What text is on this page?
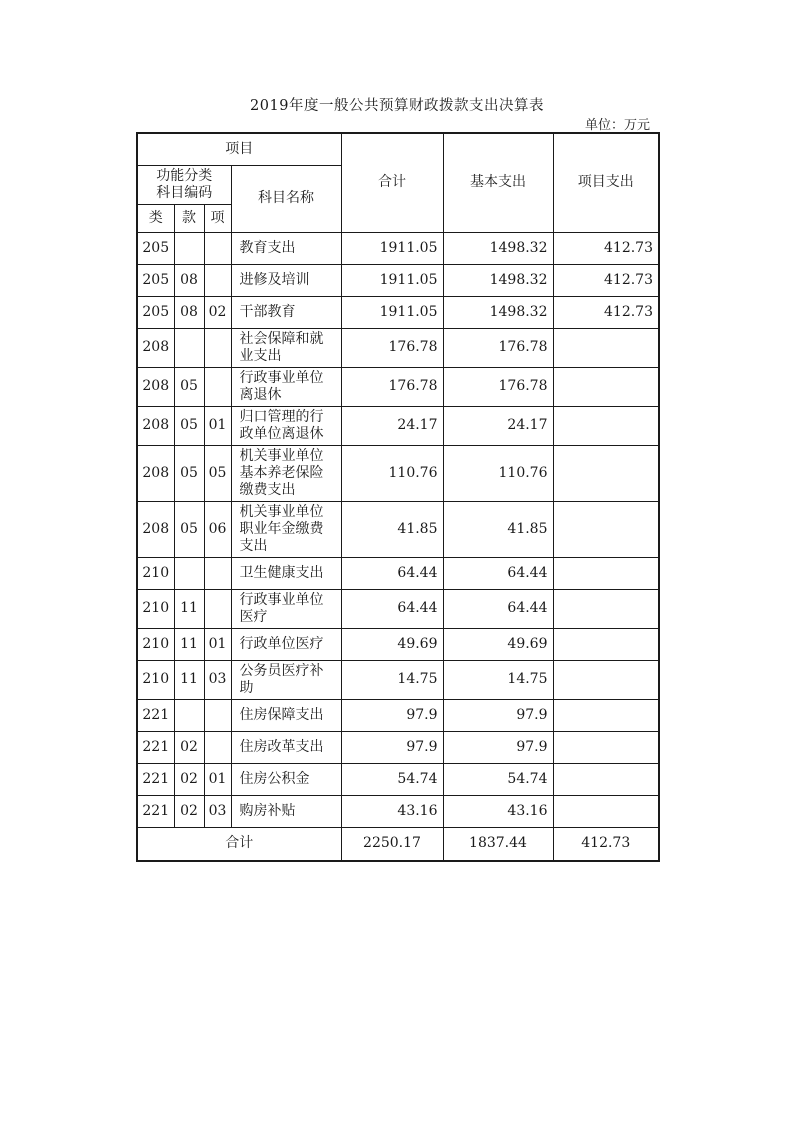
2019年度一般公共预算财政拨款支出决算表
单位：万元
项目				合计	基本支出	项目支出

功能分类
科目编码			科目名称			
类	款	项				
205			教育支出	1911.05	1498.32	412.73
205	08		进修及培训	1911.05	1498.32	412.73
205	08	02	干部教育	1911.05	1498.32	412.73
208			社会保障和就业支出	176.78	176.78	
208	05		行政事业单位离退休	176.78	176.78	
208	05	01	归口管理的行政单位离退休	24.17	24.17	
208	05	05	机关事业单位基本养老保险缴费支出	110.76	110.76	
208	05	06	机关事业单位职业年金缴费支出	41.85	41.85	
210			卫生健康支出	64.44	64.44	
210	11		行政事业单位医疗	64.44	64.44	
210	11	01	行政单位医疗	49.69	49.69	
210	11	03	公务员医疗补助	14.75	14.75	
221			住房保障支出	97.9	97.9	
221	02		住房改革支出	97.9	97.9	
221	02	01	住房公积金	54.74	54.74	
221	02	03	购房补贴	43.16	43.16	
合计				2250.17	1837.44	412.73
